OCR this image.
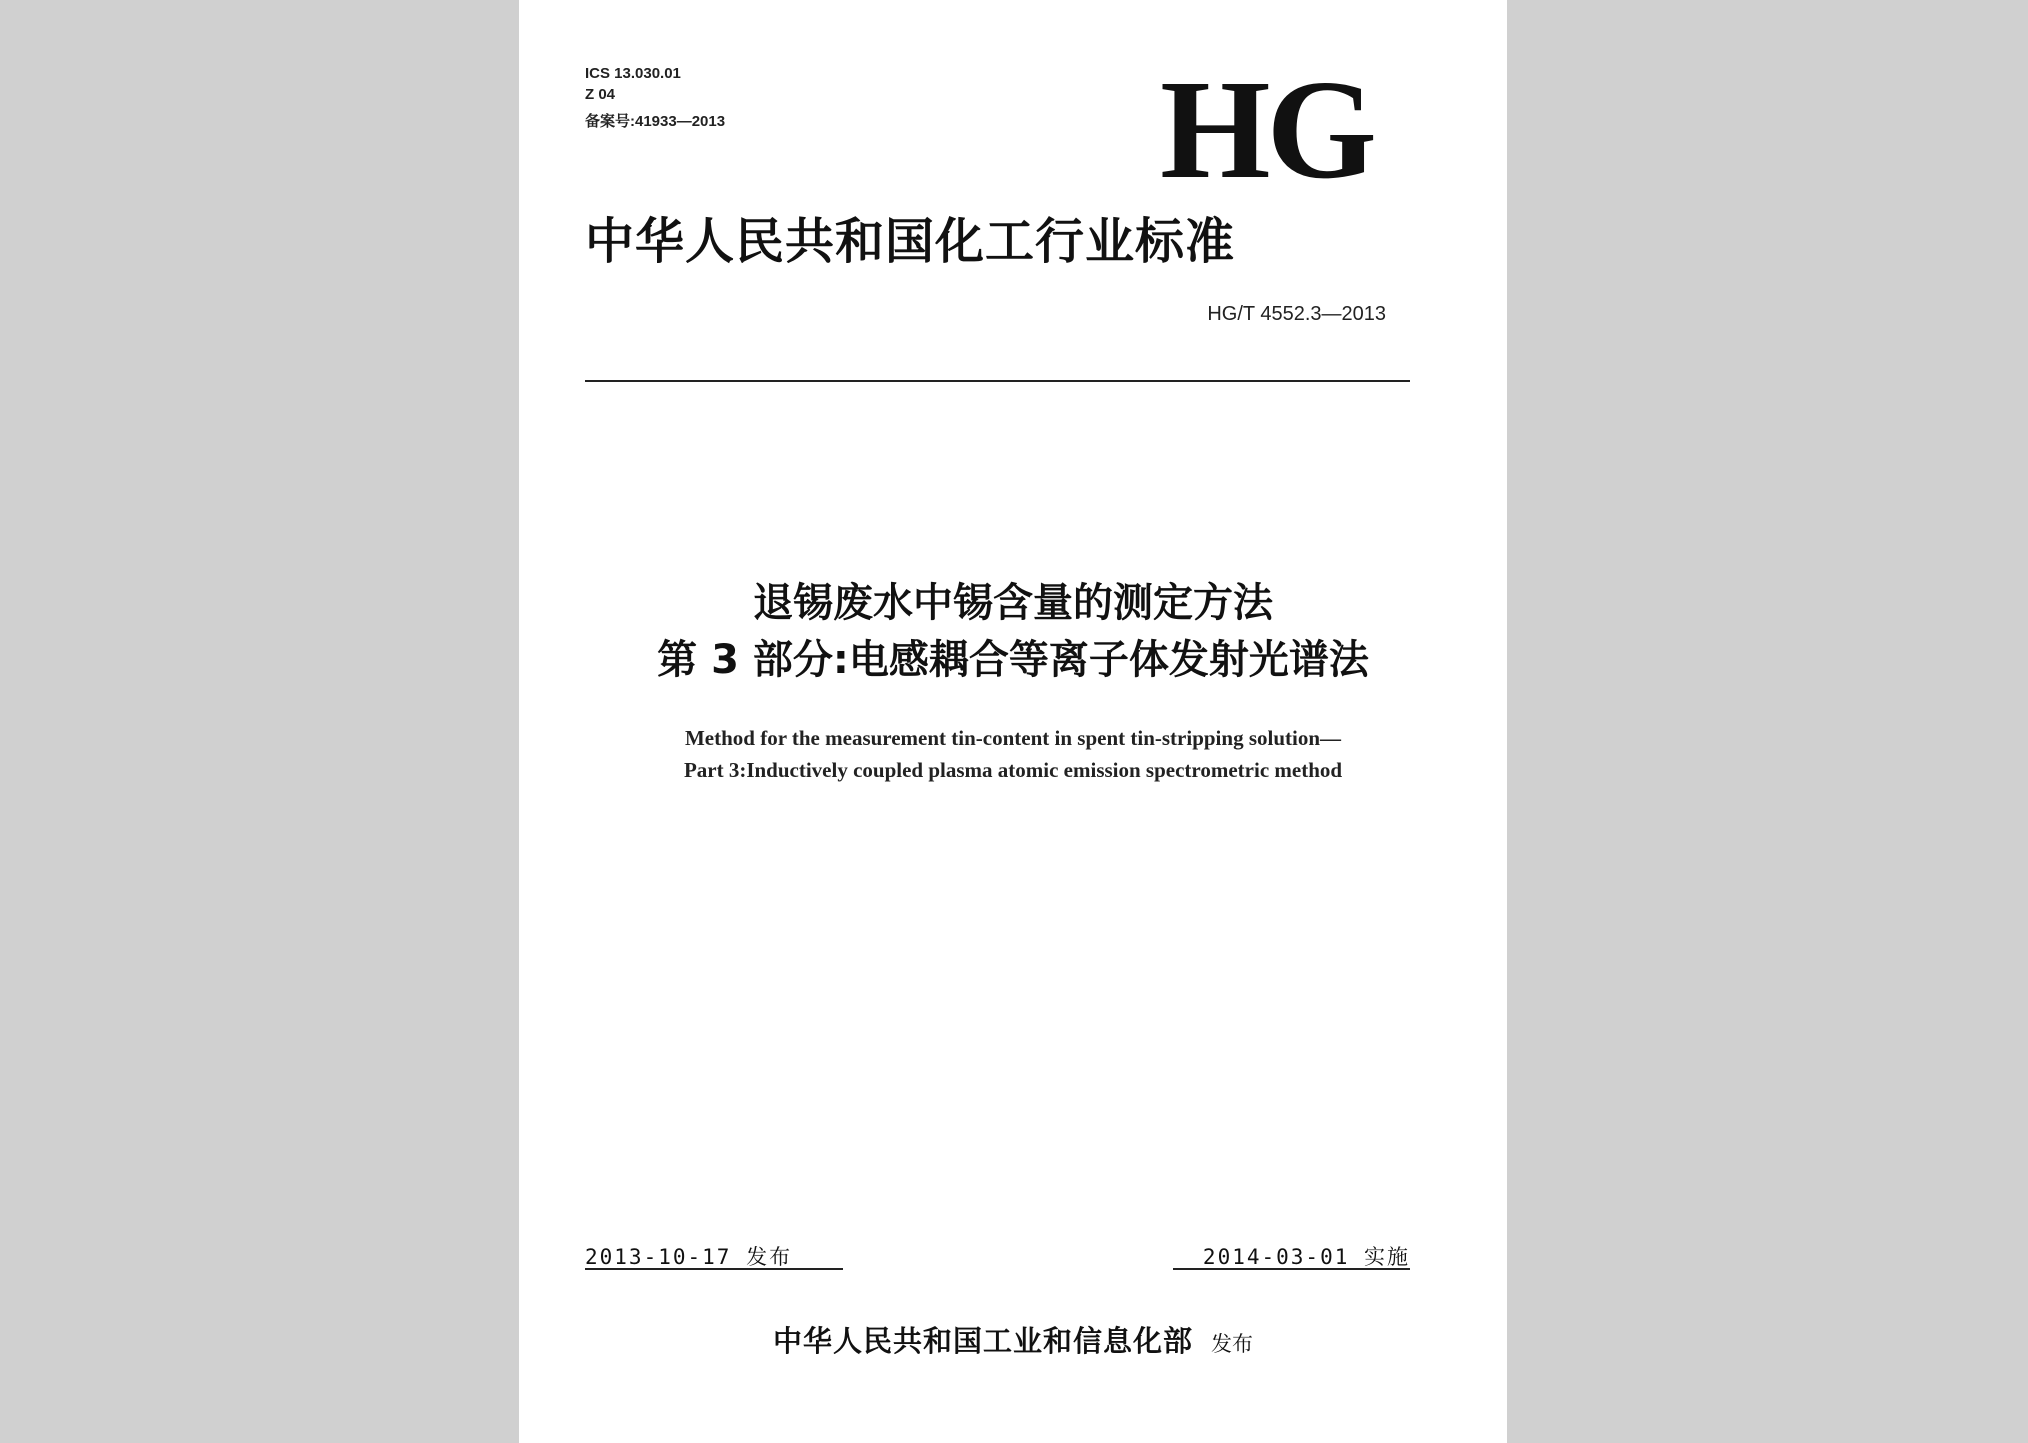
ICS 13.030.01
Z 04
备案号:41933—2013	HG
中华人民共和国化工行业标准
HG/T 4552.3—2013
退锡废水中锡含量的测定方法
第 3 部分:电感耦合等离子体发射光谱法
Method for the measurement tin-content in spent tin-stripping solution—
Part 3:Inductively coupled plasma atomic emission spectrometric method
2013-10-17 发布	2014-03-01 实施
中华人民共和国工业和信息化部 发布
